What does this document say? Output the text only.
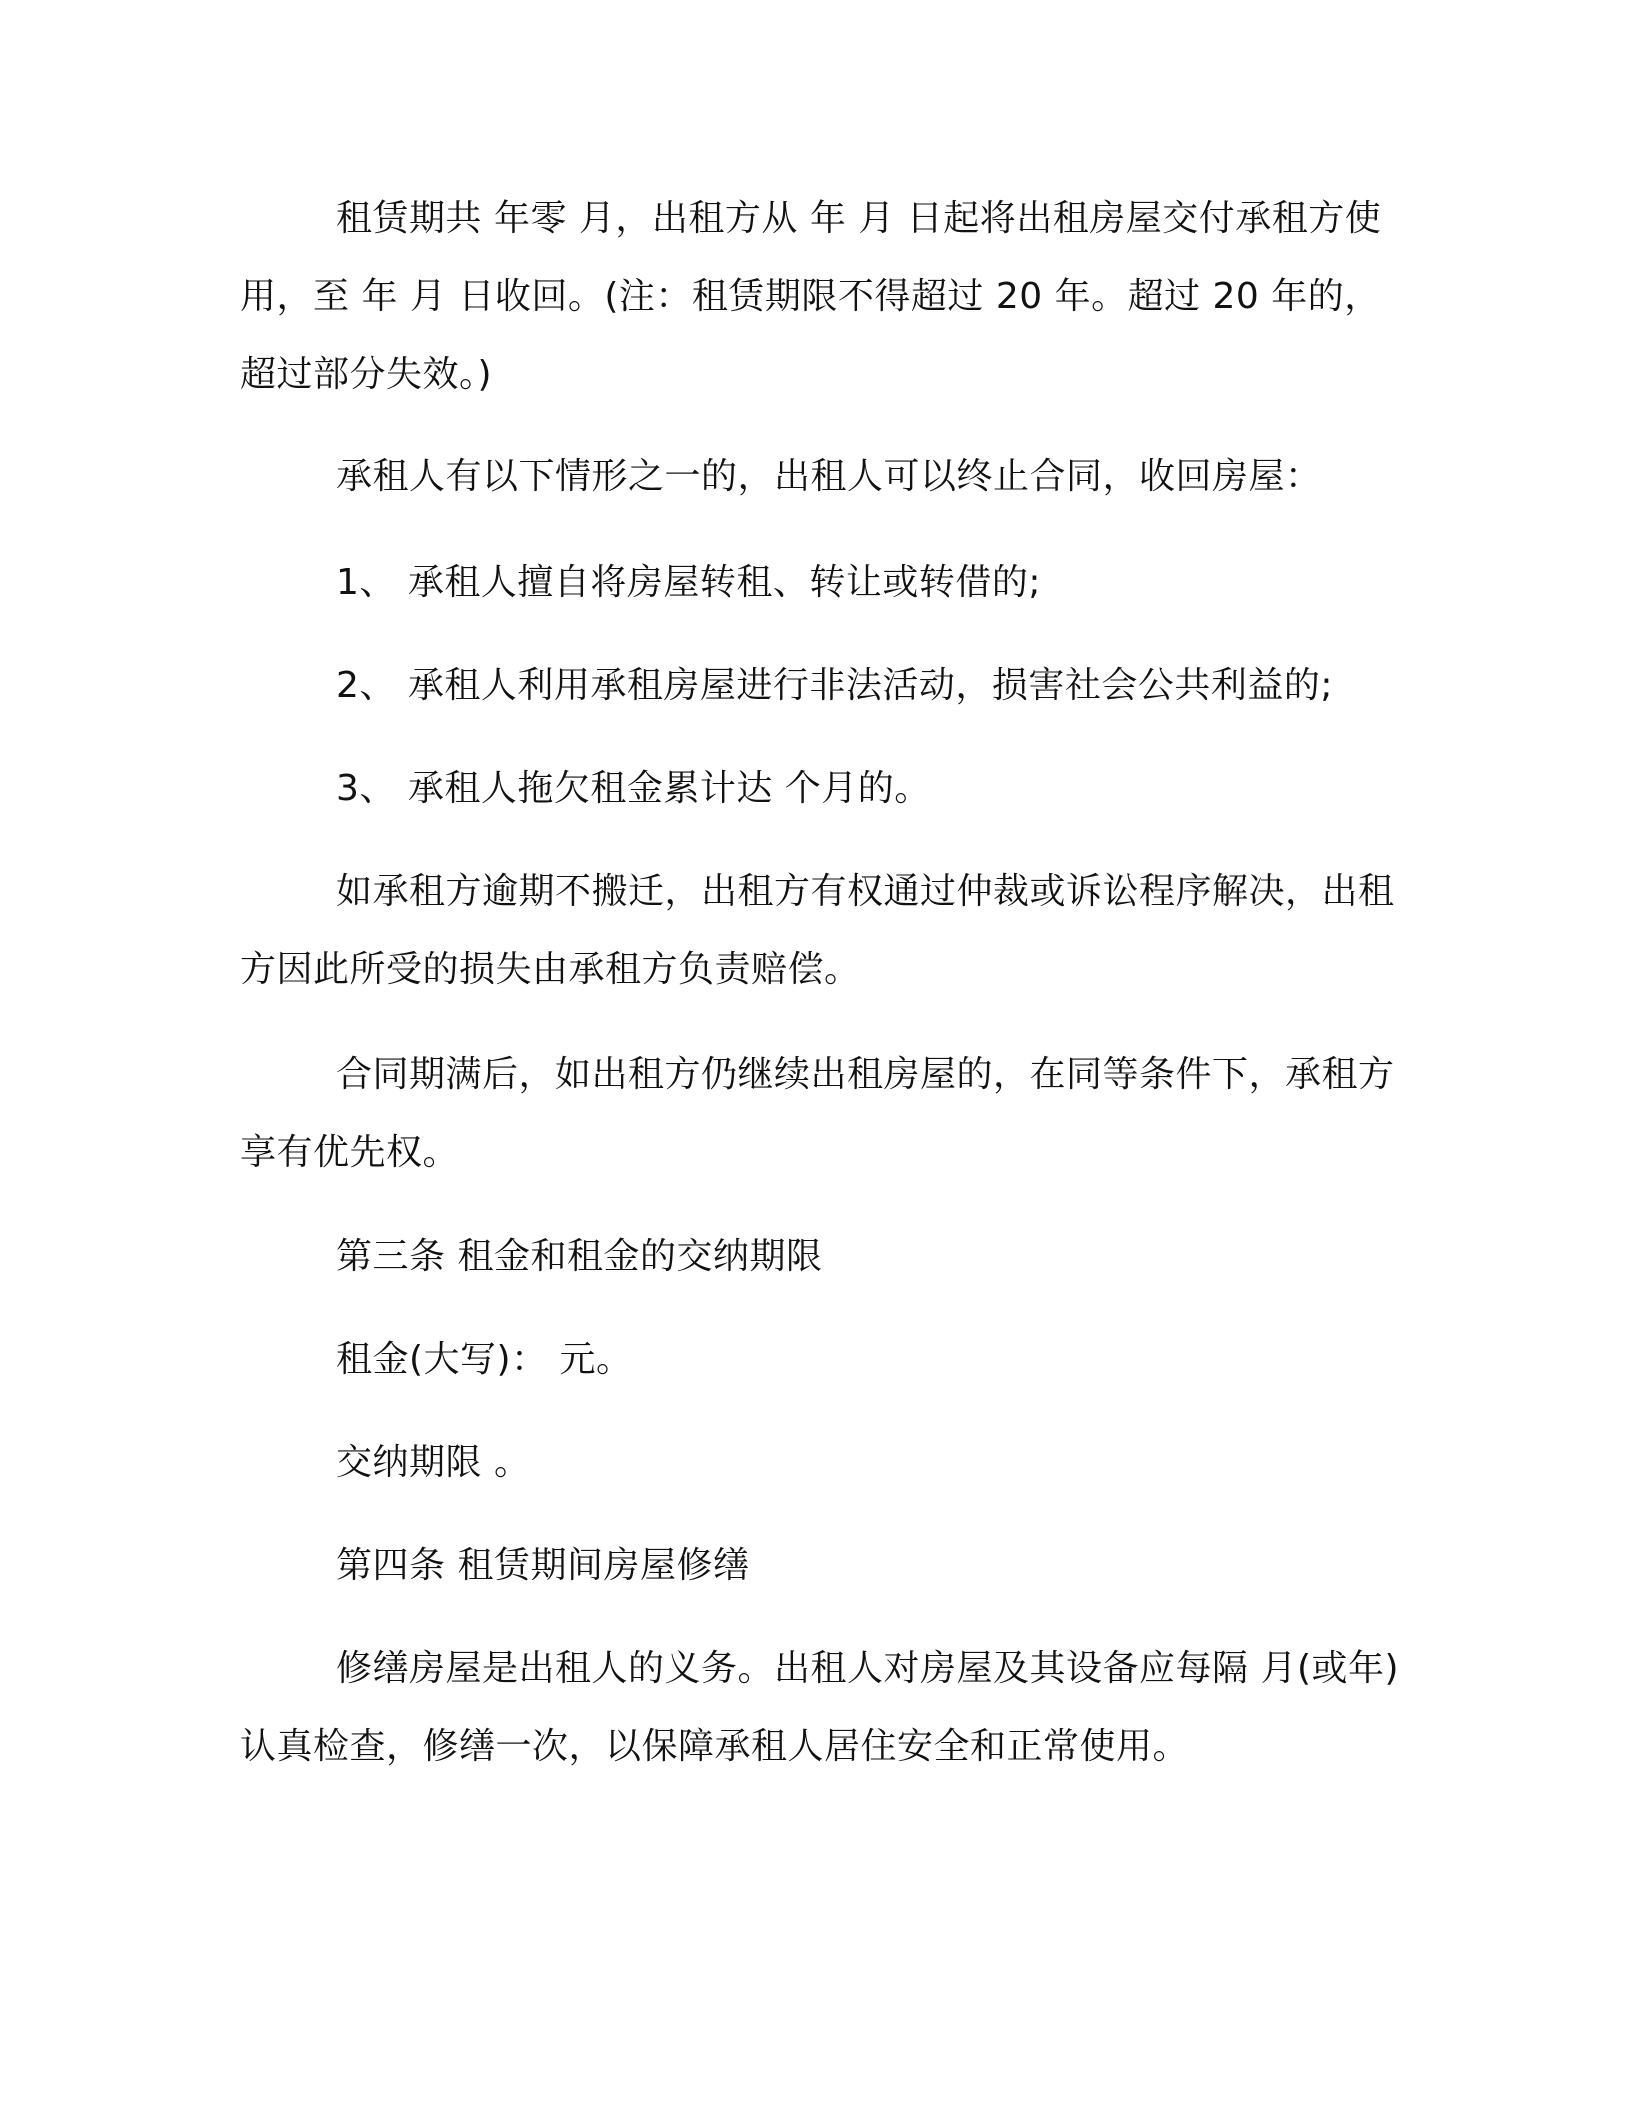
租赁期共 年零 月，出租方从 年 月 日起将出租房屋交付承租方使用，至 年 月 日收回。(注：租赁期限不得超过 20 年。超过 20 年的，超过部分失效。)

承租人有以下情形之一的，出租人可以终止合同，收回房屋：

1、 承租人擅自将房屋转租、转让或转借的;

2、 承租人利用承租房屋进行非法活动，损害社会公共利益的;

3、 承租人拖欠租金累计达 个月的。

如承租方逾期不搬迁，出租方有权通过仲裁或诉讼程序解决，出租方因此所受的损失由承租方负责赔偿。

合同期满后，如出租方仍继续出租房屋的，在同等条件下，承租方享有优先权。

第三条 租金和租金的交纳期限

租金(大写)： 元。

交纳期限 。

第四条 租赁期间房屋修缮

修缮房屋是出租人的义务。出租人对房屋及其设备应每隔 月(或年)认真检查，修缮一次，以保障承租人居住安全和正常使用。
